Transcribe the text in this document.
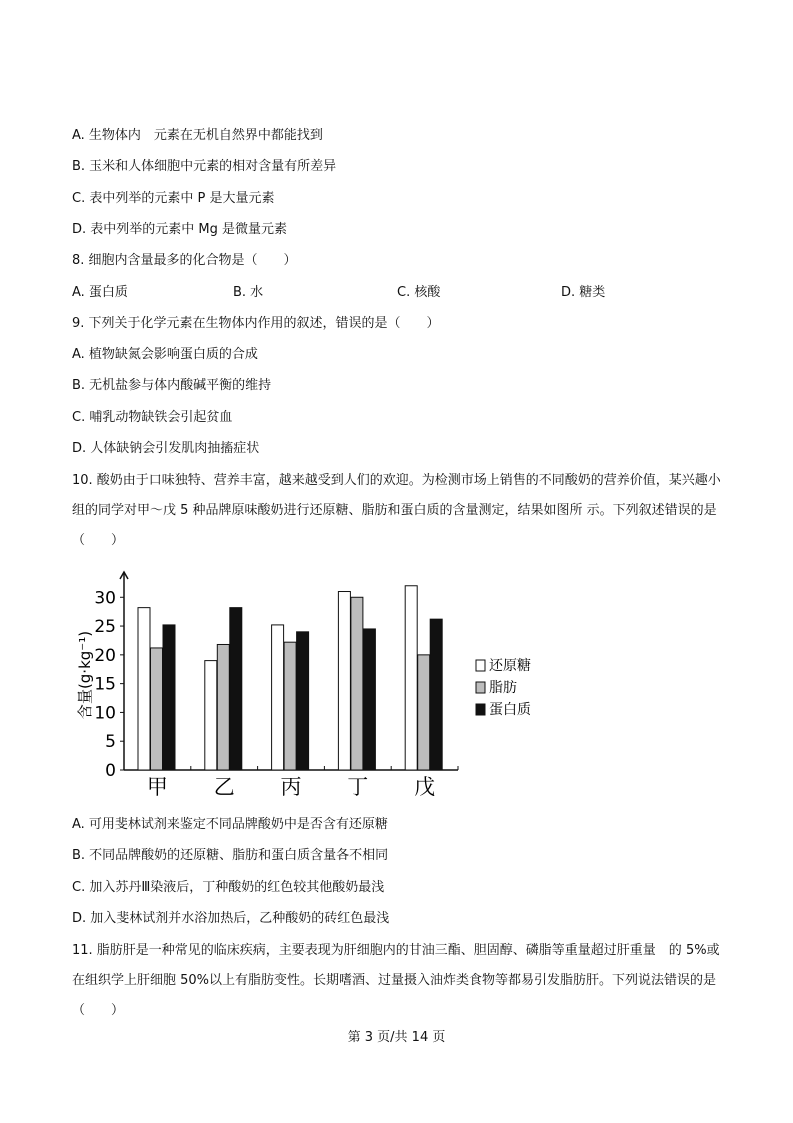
A. 生物体内　元素在无机自然界中都能找到
B. 玉米和人体细胞中元素的相对含量有所差异
C. 表中列举的元素中 P 是大量元素
D. 表中列举的元素中 Mg 是微量元素
8. 细胞内含量最多的化合物是（　　）
A. 蛋白质	B. 水	C. 核酸	D. 糖类
9. 下列关于化学元素在生物体内作用的叙述，错误的是（　　）
A. 植物缺氮会影响蛋白质的合成
B. 无机盐参与体内酸碱平衡的维持
C. 哺乳动物缺铁会引起贫血
D. 人体缺钠会引发肌肉抽搐症状
10. 酸奶由于口味独特、营养丰富，越来越受到人们的欢迎。为检测市场上销售的不同酸奶的营养价值，某兴趣小组的同学对甲～戊 5 种品牌原味酸奶进行还原糖、脂肪和蛋白质的含量测定，结果如图所 示。下列叙述错误的是（　　）
0
5
10
15
20
25
30
含量(g·kg⁻¹)
甲 乙 丙 丁 戊
还原糖
脂肪
蛋白质
A. 可用斐林试剂来鉴定不同品牌酸奶中是否含有还原糖
B. 不同品牌酸奶的还原糖、脂肪和蛋白质含量各不相同
C. 加入苏丹Ⅲ染液后，丁种酸奶的红色较其他酸奶最浅
D. 加入斐林试剂并水浴加热后，乙种酸奶的砖红色最浅
11. 脂肪肝是一种常见的临床疾病，主要表现为肝细胞内的甘油三酯、胆固醇、磷脂等重量超过肝重量　的 5%或在组织学上肝细胞 50%以上有脂肪变性。长期嗜酒、过量摄入油炸类食物等都易引发脂肪肝。下列说法错误的是（　　）
第 3 页/共 14 页
